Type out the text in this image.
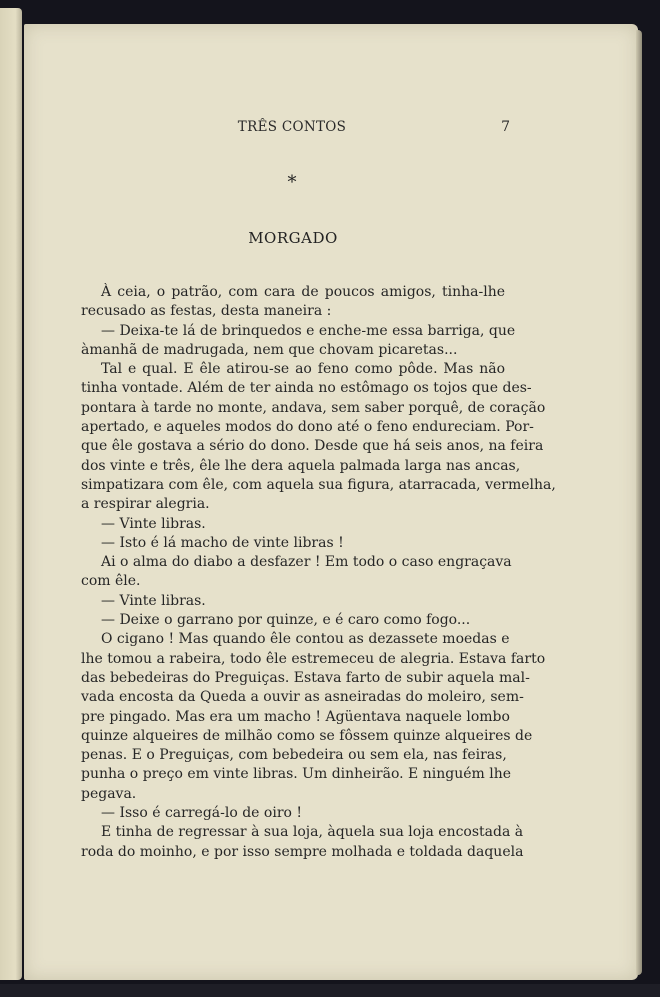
TRÊS CONTOS	7
*
MORGADO
À ceia, o patrão, com cara de poucos amigos, tinha-lhe
recusado as festas, desta maneira :
— Deixa-te lá de brinquedos e enche-me essa barriga, que
àmanhã de madrugada, nem que chovam picaretas...
Tal e qual. E êle atirou-se ao feno como pôde. Mas não
tinha vontade. Além de ter ainda no estômago os tojos que des-
pontara à tarde no monte, andava, sem saber porquê, de coração
apertado, e aqueles modos do dono até o feno endureciam. Por-
que êle gostava a sério do dono. Desde que há seis anos, na feira
dos vinte e três, êle lhe dera aquela palmada larga nas ancas,
simpatizara com êle, com aquela sua figura, atarracada, vermelha,
a respirar alegria.
— Vinte libras.
— Isto é lá macho de vinte libras !
Ai o alma do diabo a desfazer ! Em todo o caso engraçava
com êle.
— Vinte libras.
— Deixe o garrano por quinze, e é caro como fogo...
O cigano ! Mas quando êle contou as dezassete moedas e
lhe tomou a rabeira, todo êle estremeceu de alegria. Estava farto
das bebedeiras do Preguiças. Estava farto de subir aquela mal-
vada encosta da Queda a ouvir as asneiradas do moleiro, sem-
pre pingado. Mas era um macho ! Agüentava naquele lombo
quinze alqueires de milhão como se fôssem quinze alqueires de
penas. E o Preguiças, com bebedeira ou sem ela, nas feiras,
punha o preço em vinte libras. Um dinheirão. E ninguém lhe
pegava.
— Isso é carregá-lo de oiro !
E tinha de regressar à sua loja, àquela sua loja encostada à
roda do moinho, e por isso sempre molhada e toldada daquela
